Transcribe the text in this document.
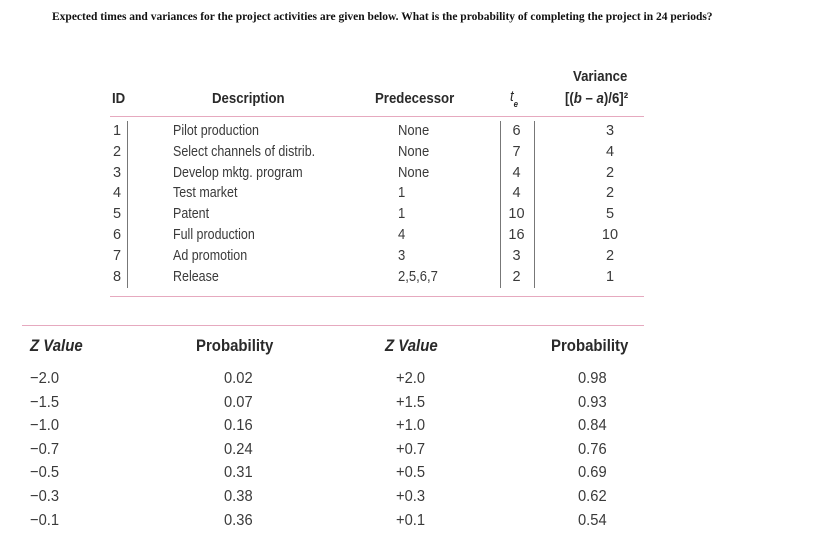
Expected times and variances for the project activities are given below. What is the probability of completing the project in 24 periods?
ID	Description	Predecessor	$t_e$
Variance
[(b – a)/6]²
1	Pilot production	None	6	3
2	Select channels of distrib.	None	7	4
3	Develop mktg. program	None	4	2
4	Test market	1	4	2
5	Patent	1	10	5
6	Full production	4	16	10
7	Ad promotion	3	3	2
8	Release	2,5,6,7	2	1
Z Value	Probability	Z Value	Probability
−2.0	0.02	+2.0	0.98
−1.5	0.07	+1.5	0.93
−1.0	0.16	+1.0	0.84
−0.7	0.24	+0.7	0.76
−0.5	0.31	+0.5	0.69
−0.3	0.38	+0.3	0.62
−0.1	0.36	+0.1	0.54
